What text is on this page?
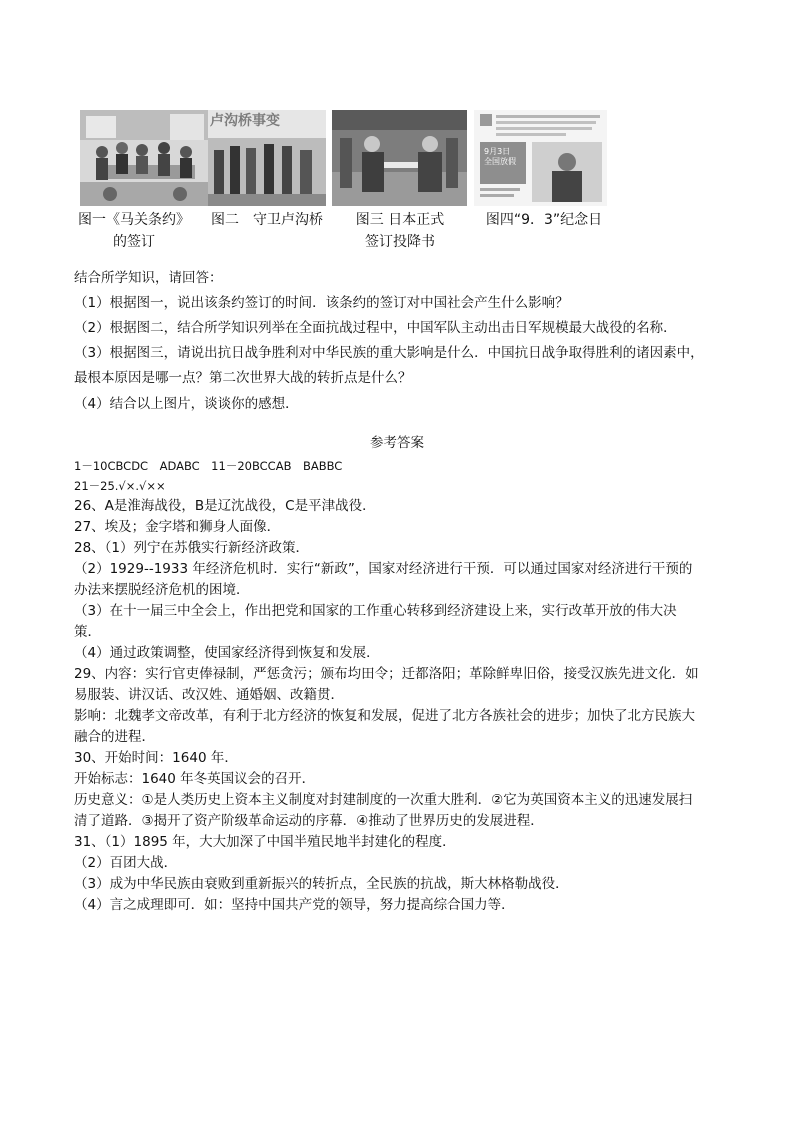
卢沟桥事变
9月3日
全国放假
图一《马关条约》
的签订
图二　守卫卢沟桥	图三 日本正式
签订投降书
图四“9．3”纪念日
结合所学知识，请回答：
（1）根据图一，说出该条约签订的时间．该条约的签订对中国社会产生什么影响？
（2）根据图二，结合所学知识列举在全面抗战过程中，中国军队主动出击日军规模最大战役的名称．
（3）根据图三，请说出抗日战争胜利对中华民族的重大影响是什么．中国抗日战争取得胜利的诸因素中，
最根本原因是哪一点？第二次世界大战的转折点是什么？
（4）结合以上图片，谈谈你的感想．
参考答案
1－10CBCDC　ADABC　11－20BCCAB　BABBC
21－25.√×.√××
26、A是淮海战役，B是辽沈战役，C是平津战役．
27、埃及；金字塔和狮身人面像．
28、（1）列宁在苏俄实行新经济政策．
（2）1929--1933 年经济危机时．实行“新政”，国家对经济进行干预．可以通过国家对经济进行干预的
办法来摆脱经济危机的困境．
（3）在十一届三中全会上，作出把党和国家的工作重心转移到经济建设上来，实行改革开放的伟大决
策．
（4）通过政策调整，使国家经济得到恢复和发展．
29、内容：实行官吏俸禄制，严惩贪污；颁布均田令；迁都洛阳；革除鲜卑旧俗，接受汉族先进文化．如
易服装、讲汉话、改汉姓、通婚姻、改籍贯．
影响：北魏孝文帝改革，有利于北方经济的恢复和发展，促进了北方各族社会的进步；加快了北方民族大
融合的进程．
30、开始时间：1640 年．
开始标志：1640 年冬英国议会的召开．
历史意义：①是人类历史上资本主义制度对封建制度的一次重大胜利．②它为英国资本主义的迅速发展扫
清了道路．③揭开了资产阶级革命运动的序幕．④推动了世界历史的发展进程．
31、（1）1895 年，大大加深了中国半殖民地半封建化的程度．
（2）百团大战．
（3）成为中华民族由衰败到重新振兴的转折点，全民族的抗战，斯大林格勒战役．
（4）言之成理即可．如：坚持中国共产党的领导，努力提高综合国力等．
